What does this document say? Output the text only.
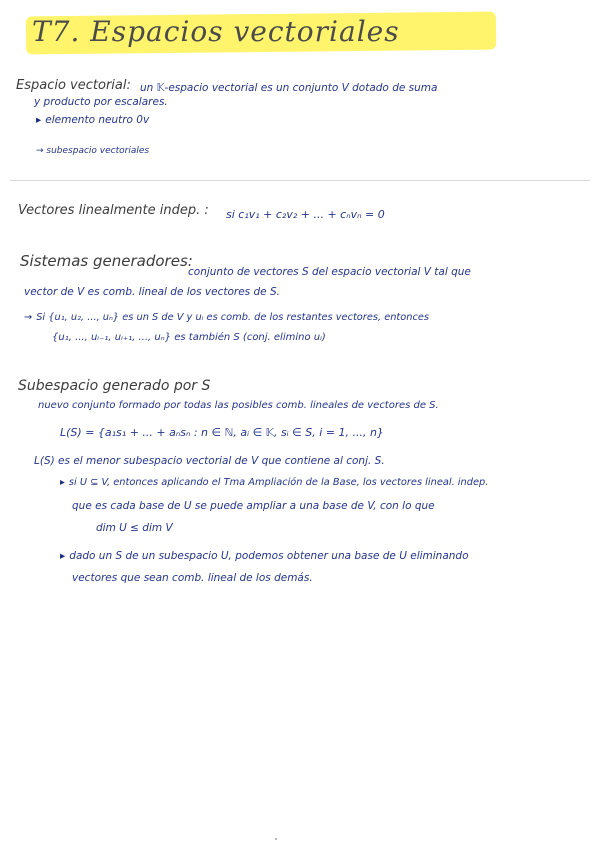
T7. Espacios vectoriales
Espacio vectorial: un 𝕂-espacio vectorial es un conjunto V dotado de suma
y producto por escalares.
▸ elemento neutro 0v
→ subespacio vectoriales
Vectores linealmente indep. : si c₁v₁ + c₂v₂ + ... + cₙvₙ = 0
Sistemas generadores:
conjunto de vectores S del espacio vectorial V tal que
vector de V es comb. lineal de los vectores de S.
→ Si {u₁, u₂, ..., uₙ} es un S de V y uᵢ es comb. de los restantes vectores, entonces
{u₁, ..., uᵢ₋₁, uᵢ₊₁, ..., uₙ} es también S (conj. elimino uᵢ)
Subespacio generado por S
nuevo conjunto formado por todas las posibles comb. lineales de vectores de S.
L(S) = {a₁s₁ + ... + aₙsₙ : n ∈ ℕ, aᵢ ∈ 𝕂, sᵢ ∈ S, i = 1, ..., n}
L(S) es el menor subespacio vectorial de V que contiene al conj. S.
▸ si U ⊆ V, entonces aplicando el Tma Ampliación de la Base, los vectores lineal. indep.
que es cada base de U se puede ampliar a una base de V, con lo que
dim U ≤ dim V
▸ dado un S de un subespacio U, podemos obtener una base de U eliminando
vectores que sean comb. lineal de los demás.
